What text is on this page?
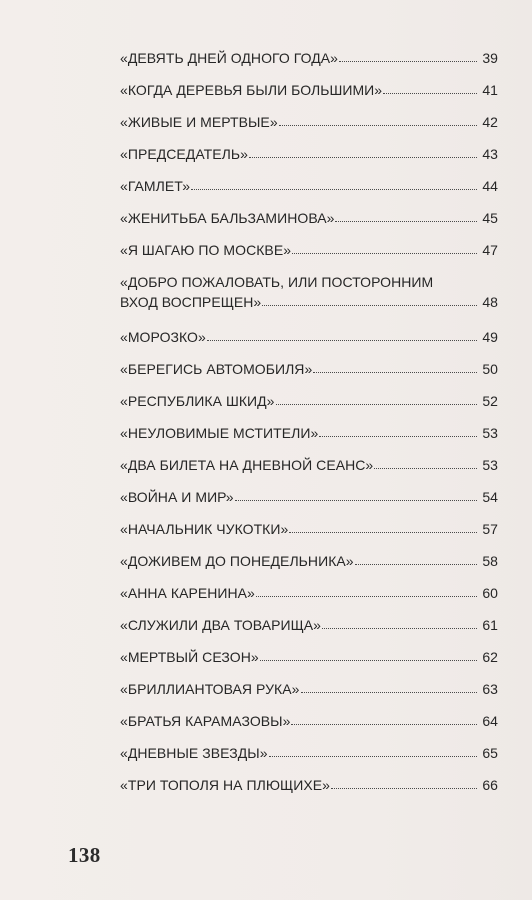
«ДЕВЯТЬ ДНЕЙ ОДНОГО ГОДА»	39
«КОГДА ДЕРЕВЬЯ БЫЛИ БОЛЬШИМИ»	41
«ЖИВЫЕ И МЕРТВЫЕ»	42
«ПРЕДСЕДАТЕЛЬ»	43
«ГАМЛЕТ»	44
«ЖЕНИТЬБА БАЛЬЗАМИНОВА»	45
«Я ШАГАЮ ПО МОСКВЕ»	47
«ДОБРО ПОЖАЛОВАТЬ, ИЛИ ПОСТОРОННИМ
ВХОД ВОСПРЕЩЕН»	48
«МОРОЗКО»	49
«БЕРЕГИСЬ АВТОМОБИЛЯ»	50
«РЕСПУБЛИКА ШКИД»	52
«НЕУЛОВИМЫЕ МСТИТЕЛИ»	53
«ДВА БИЛЕТА НА ДНЕВНОЙ СЕАНС»	53
«ВОЙНА И МИР»	54
«НАЧАЛЬНИК ЧУКОТКИ»	57
«ДОЖИВЕМ ДО ПОНЕДЕЛЬНИКА»	58
«АННА КАРЕНИНА»	60
«СЛУЖИЛИ ДВА ТОВАРИЩА»	61
«МЕРТВЫЙ СЕЗОН»	62
«БРИЛЛИАНТОВАЯ РУКА»	63
«БРАТЬЯ КАРАМАЗОВЫ»	64
«ДНЕВНЫЕ ЗВЕЗДЫ»	65
«ТРИ ТОПОЛЯ НА ПЛЮЩИХЕ»	66
138
